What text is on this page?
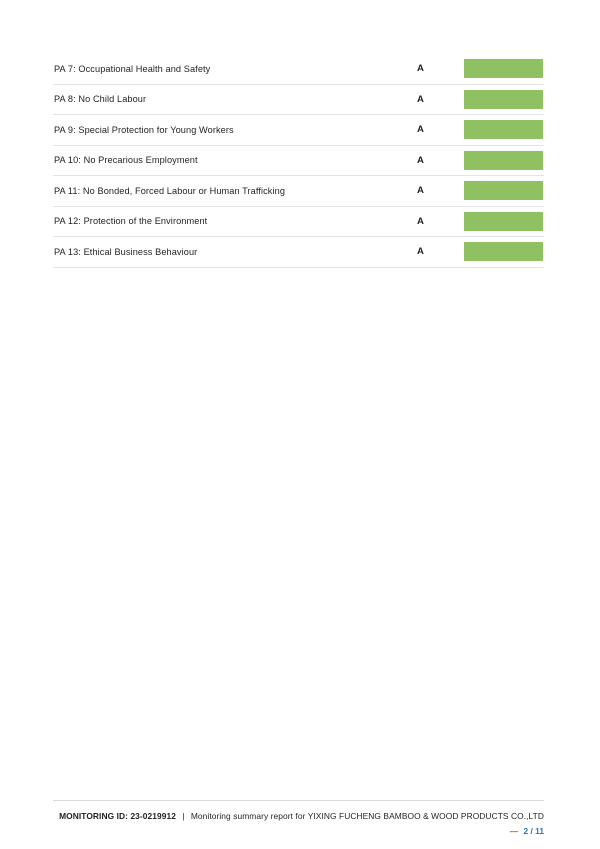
PA 7: Occupational Health and Safety	A
PA 8: No Child Labour	A
PA 9: Special Protection for Young Workers	A
PA 10: No Precarious Employment	A
PA 11: No Bonded, Forced Labour or Human Trafficking	A
PA 12: Protection of the Environment	A
PA 13: Ethical Business Behaviour	A
MONITORING ID: 23-0219912 | Monitoring summary report for YIXING FUCHENG BAMBOO & WOOD PRODUCTS CO.,LTD — 2 / 11
